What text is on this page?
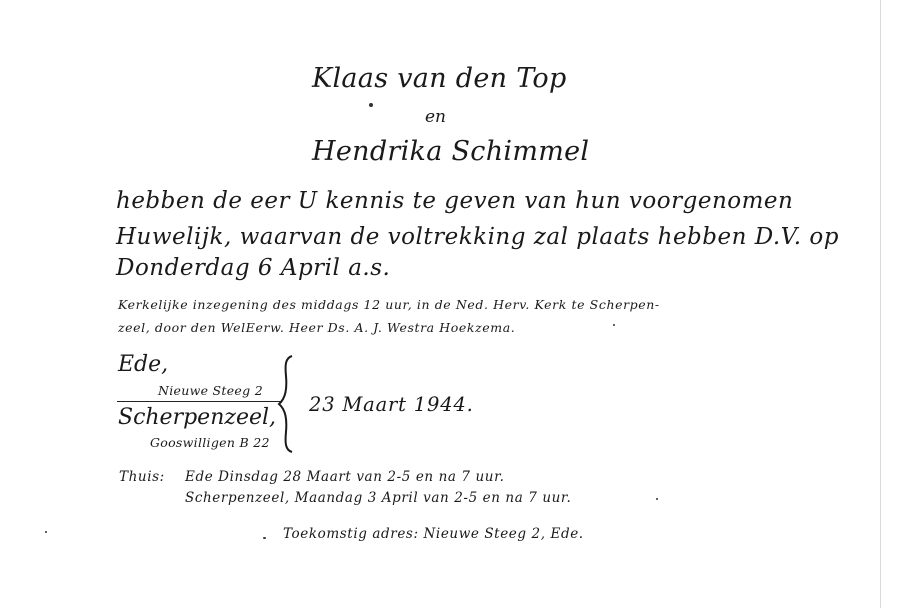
Klaas van den Top
en
Hendrika Schimmel
hebben de eer U kennis te geven van hun voorgenomen
Huwelijk, waarvan de voltrekking zal plaats hebben D.V. op
Donderdag 6 April a.s.
Kerkelijke inzegening des middags 12 uur, in de Ned. Herv. Kerk te Scherpen-
zeel, door den WelEerw. Heer Ds. A. J. Westra Hoekzema.
Ede,
Nieuwe Steeg 2
Scherpenzeel,
Gooswilligen B 22
23 Maart 1944.
Thuis: Ede Dinsdag 28 Maart van 2-5 en na 7 uur.
Scherpenzeel, Maandag 3 April van 2-5 en na 7 uur.
Toekomstig adres: Nieuwe Steeg 2, Ede.
